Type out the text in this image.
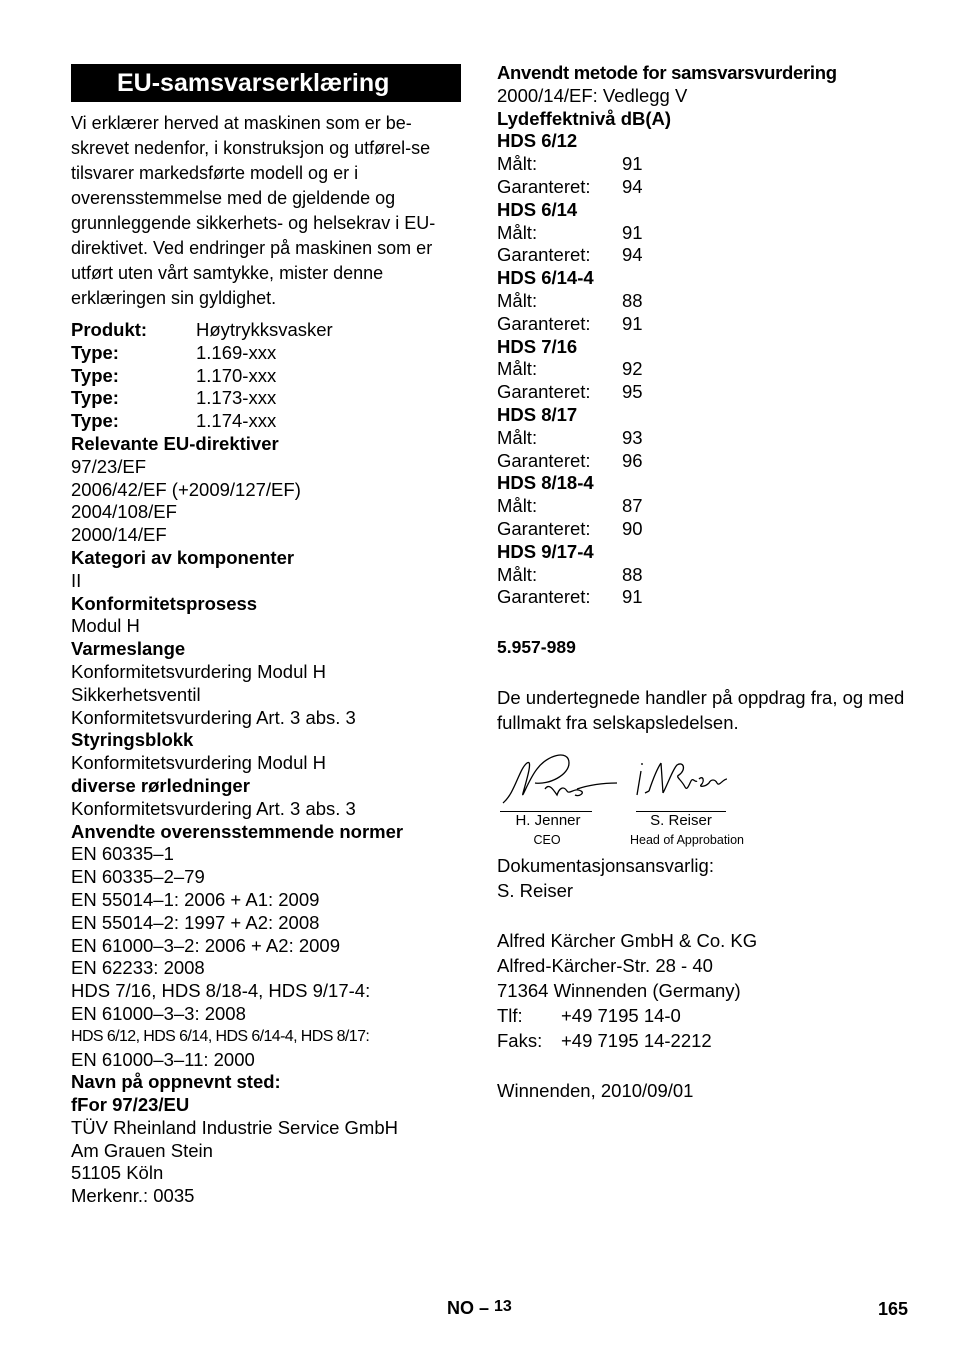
EU-samsvarserklæring
Vi erklærer herved at maskinen som er be-skrevet nedenfor, i konstruksjon og utførel-se tilsvarer markedsførte modell og er i overensstemmelse med de gjeldende og grunnleggende sikkerhets- og helsekrav i EU-direktivet. Ved endringer på maskinen som er utført uten vårt samtykke, mister denne erklæringen sin gyldighet.
Produkt:	Høytrykksvasker
Type:	1.169-xxx
Type:	1.170-xxx
Type:	1.173-xxx
Type:	1.174-xxx
Relevante EU-direktiver
97/23/EF
2006/42/EF (+2009/127/EF)
2004/108/EF
2000/14/EF
Kategori av komponenter
II
Konformitetsprosess
Modul H
Varmeslange
Konformitetsvurdering Modul H
Sikkerhetsventil
Konformitetsvurdering Art. 3 abs. 3
Styringsblokk
Konformitetsvurdering Modul H
diverse rørledninger
Konformitetsvurdering Art. 3 abs. 3
Anvendte overensstemmende normer
EN 60335–1
EN 60335–2–79
EN 55014–1: 2006 + A1: 2009
EN 55014–2: 1997 + A2: 2008
EN 61000–3–2: 2006 + A2: 2009
EN 62233: 2008
HDS 7/16, HDS 8/18-4, HDS 9/17-4:
EN 61000–3–3: 2008
HDS 6/12, HDS 6/14, HDS 6/14-4, HDS 8/17:
EN 61000–3–11: 2000
Navn på oppnevnt sted:
fFor 97/23/EU
TÜV Rheinland Industrie Service GmbH
Am Grauen Stein
51105 Köln
Merkenr.: 0035
Anvendt metode for samsvarsvurdering
2000/14/EF: Vedlegg V
Lydeffektnivå dB(A)
HDS 6/12
Målt:	91
Garanteret:	94
HDS 6/14
Målt:	91
Garanteret:	94
HDS 6/14-4
Målt:	88
Garanteret:	91
HDS 7/16
Målt:	92
Garanteret:	95
HDS 8/17
Målt:	93
Garanteret:	96
HDS 8/18-4
Målt:	87
Garanteret:	90
HDS 9/17-4
Målt:	88
Garanteret:	91
5.957-989
De undertegnede handler på oppdrag fra, og med fullmakt fra selskapsledelsen.
H. Jenner	S. Reiser
CEO	Head of Approbation
Dokumentasjonsansvarlig:
S. Reiser
Alfred Kärcher GmbH & Co. KG
Alfred-Kärcher-Str. 28 - 40
71364 Winnenden (Germany)
Tlf:	+49 7195 14-0
Faks:	+49 7195 14-2212
Winnenden, 2010/09/01
NO – 13	165
